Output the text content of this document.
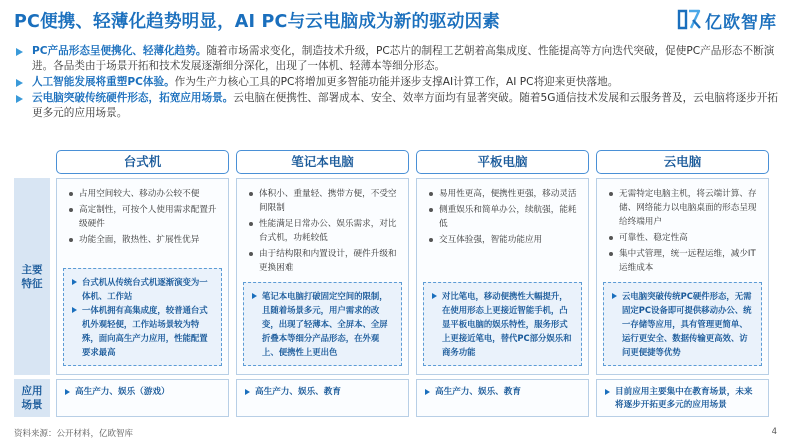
PC便携、轻薄化趋势明显，AI PC与云电脑成为新的驱动因素	亿欧智库
PC产品形态呈便携化、轻薄化趋势。随着市场需求变化，制造技术升级，PC芯片的制程工艺朝着高集成度、性能提高等方向迭代突破，促使PC产品形态不断演进。各品类由于场景开拓和技术发展逐渐细分深化，出现了一体机、轻薄本等细分形态。
人工智能发展将重塑PC体验。作为生产力核心工具的PC将增加更多智能功能并逐步支撑AI计算工作，AI PC将迎来更快落地。
云电脑突破传统硬件形态，拓宽应用场景。云电脑在便携性、部署成本、安全、效率方面均有显著突破。随着5G通信技术发展和云服务普及，云电脑将逐步开拓更多元的应用场景。
主要
特征
应用
场景
台式机
占用空间较大、移动办公较不便
高定制性，可按个人使用需求配置升级硬件
功能全面，散热性、扩展性优异

台式机从传统台式机逐渐演变为一体机、工作站

一体机拥有高集成度，较普通台式机外观轻便，工作站场景较为特殊，面向高生产力应用，性能配置要求最高

高生产力、娱乐（游戏）

笔记本电脑
体积小、重量轻、携带方便，不受空间限制
性能满足日常办公、娱乐需求，对比台式机，功耗较低
由于结构限和内置设计，硬件升级和更换困难

笔记本电脑打破固定空间的限制，且随着场景多元，用户需求的改变，出现了轻薄本、全屏本、全屏折叠本等细分产品形态，在外观上、便携性上更出色

高生产力、娱乐、教育

平板电脑
易用性更高，便携性更强，移动灵活
侧重娱乐和简单办公，续航强，能耗低
交互体验强，智能功能应用

对比笔电，移动便携性大幅提升，在使用形态上更接近智能手机，凸显平板电脑的娱乐特性，服务形式上更接近笔电，替代PC部分娱乐和商务功能

高生产力、娱乐、教育

云电脑
无需特定电脑主机，将云端计算、存储、网络能力以电脑桌面的形态呈现给终端用户
可靠性、稳定性高
集中式管理，统一远程运维，减少IT运维成本

云电脑突破传统PC硬件形态，无需固定PC设备即可提供移动办公、统一存储等应用，具有管理更简单、运行更安全、数据传输更高效、访问更便捷等优势

目前应用主要集中在教育场景，未来将逐步开拓更多元的应用场景

资料来源：公开材料，亿欧智库	4
